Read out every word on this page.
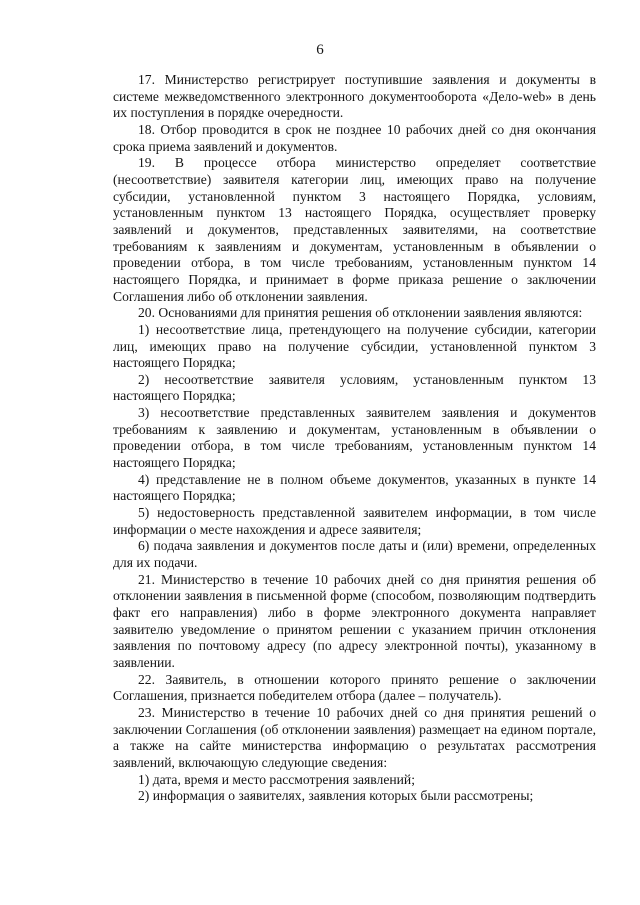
6

17. Министерство регистрирует поступившие заявления и документы в системе межведомственного электронного документооборота «Дело-web» в день их поступления в порядке очередности.

18. Отбор проводится в срок не позднее 10 рабочих дней со дня окончания срока приема заявлений и документов.

19. В процессе отбора министерство определяет соответствие (несоответствие) заявителя категории лиц, имеющих право на получение субсидии, установленной пунктом 3 настоящего Порядка, условиям, установленным пунктом 13 настоящего Порядка, осуществляет проверку заявлений и документов, представленных заявителями, на соответствие требованиям к заявлениям и документам, установленным в объявлении о проведении отбора, в том числе требованиям, установленным пунктом 14 настоящего Порядка, и принимает в форме приказа решение о заключении Соглашения либо об отклонении заявления.

20. Основаниями для принятия решения об отклонении заявления являются:

1) несоответствие лица, претендующего на получение субсидии, категории лиц, имеющих право на получение субсидии, установленной пунктом 3 настоящего Порядка;

2) несоответствие заявителя условиям, установленным пунктом 13 настоящего Порядка;

3) несоответствие представленных заявителем заявления и документов требованиям к заявлению и документам, установленным в объявлении о проведении отбора, в том числе требованиям, установленным пунктом 14 настоящего Порядка;

4) представление не в полном объеме документов, указанных в пункте 14 настоящего Порядка;

5) недостоверность представленной заявителем информации, в том числе информации о месте нахождения и адресе заявителя;

6) подача заявления и документов после даты и (или) времени, определенных для их подачи.

21. Министерство в течение 10 рабочих дней со дня принятия решения об отклонении заявления в письменной форме (способом, позволяющим подтвердить факт его направления) либо в форме электронного документа направляет заявителю уведомление о принятом решении с указанием причин отклонения заявления по почтовому адресу (по адресу электронной почты), указанному в заявлении.

22. Заявитель, в отношении которого принято решение о заключении Соглашения, признается победителем отбора (далее – получатель).

23. Министерство в течение 10 рабочих дней со дня принятия решений о заключении Соглашения (об отклонении заявления) размещает на едином портале, а также на сайте министерства информацию о результатах рассмотрения заявлений, включающую следующие сведения:

1) дата, время и место рассмотрения заявлений;

2) информация о заявителях, заявления которых были рассмотрены;
